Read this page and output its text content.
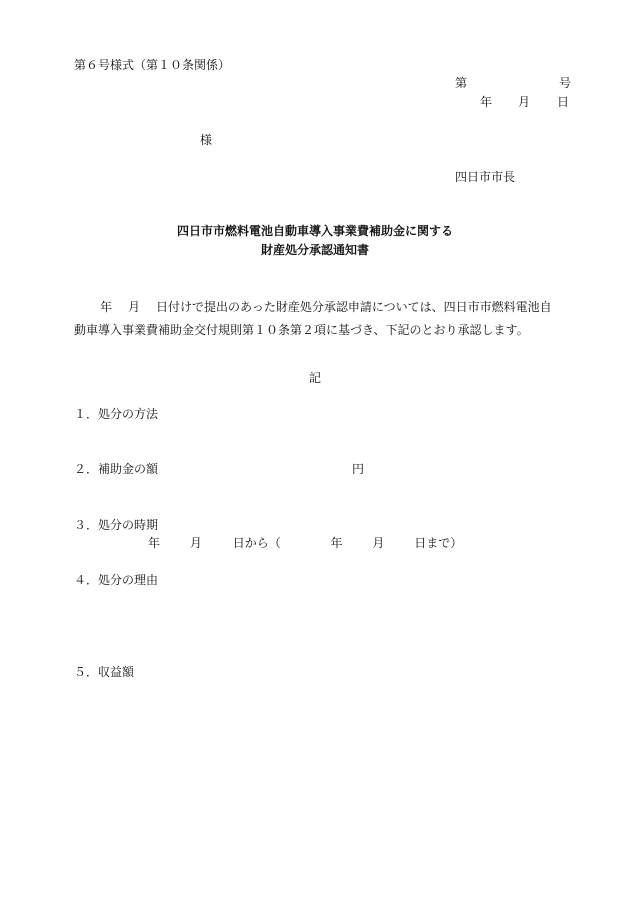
第６号様式（第１０条関係）
第	号
年 月 日
様
四日市市長
四日市市燃料電池自動車導入事業費補助金に関する
財産処分承認通知書
年 月 日付けで提出のあった財産処分承認申請については、四日市市燃料電池自
動車導入事業費補助金交付規則第１０条第２項に基づき、下記のとおり承認します。
記
１．処分の方法
２．補助金の額	円
３．処分の時期
年 月	日から（	年 月 日まで）
４．処分の理由
５．収益額
